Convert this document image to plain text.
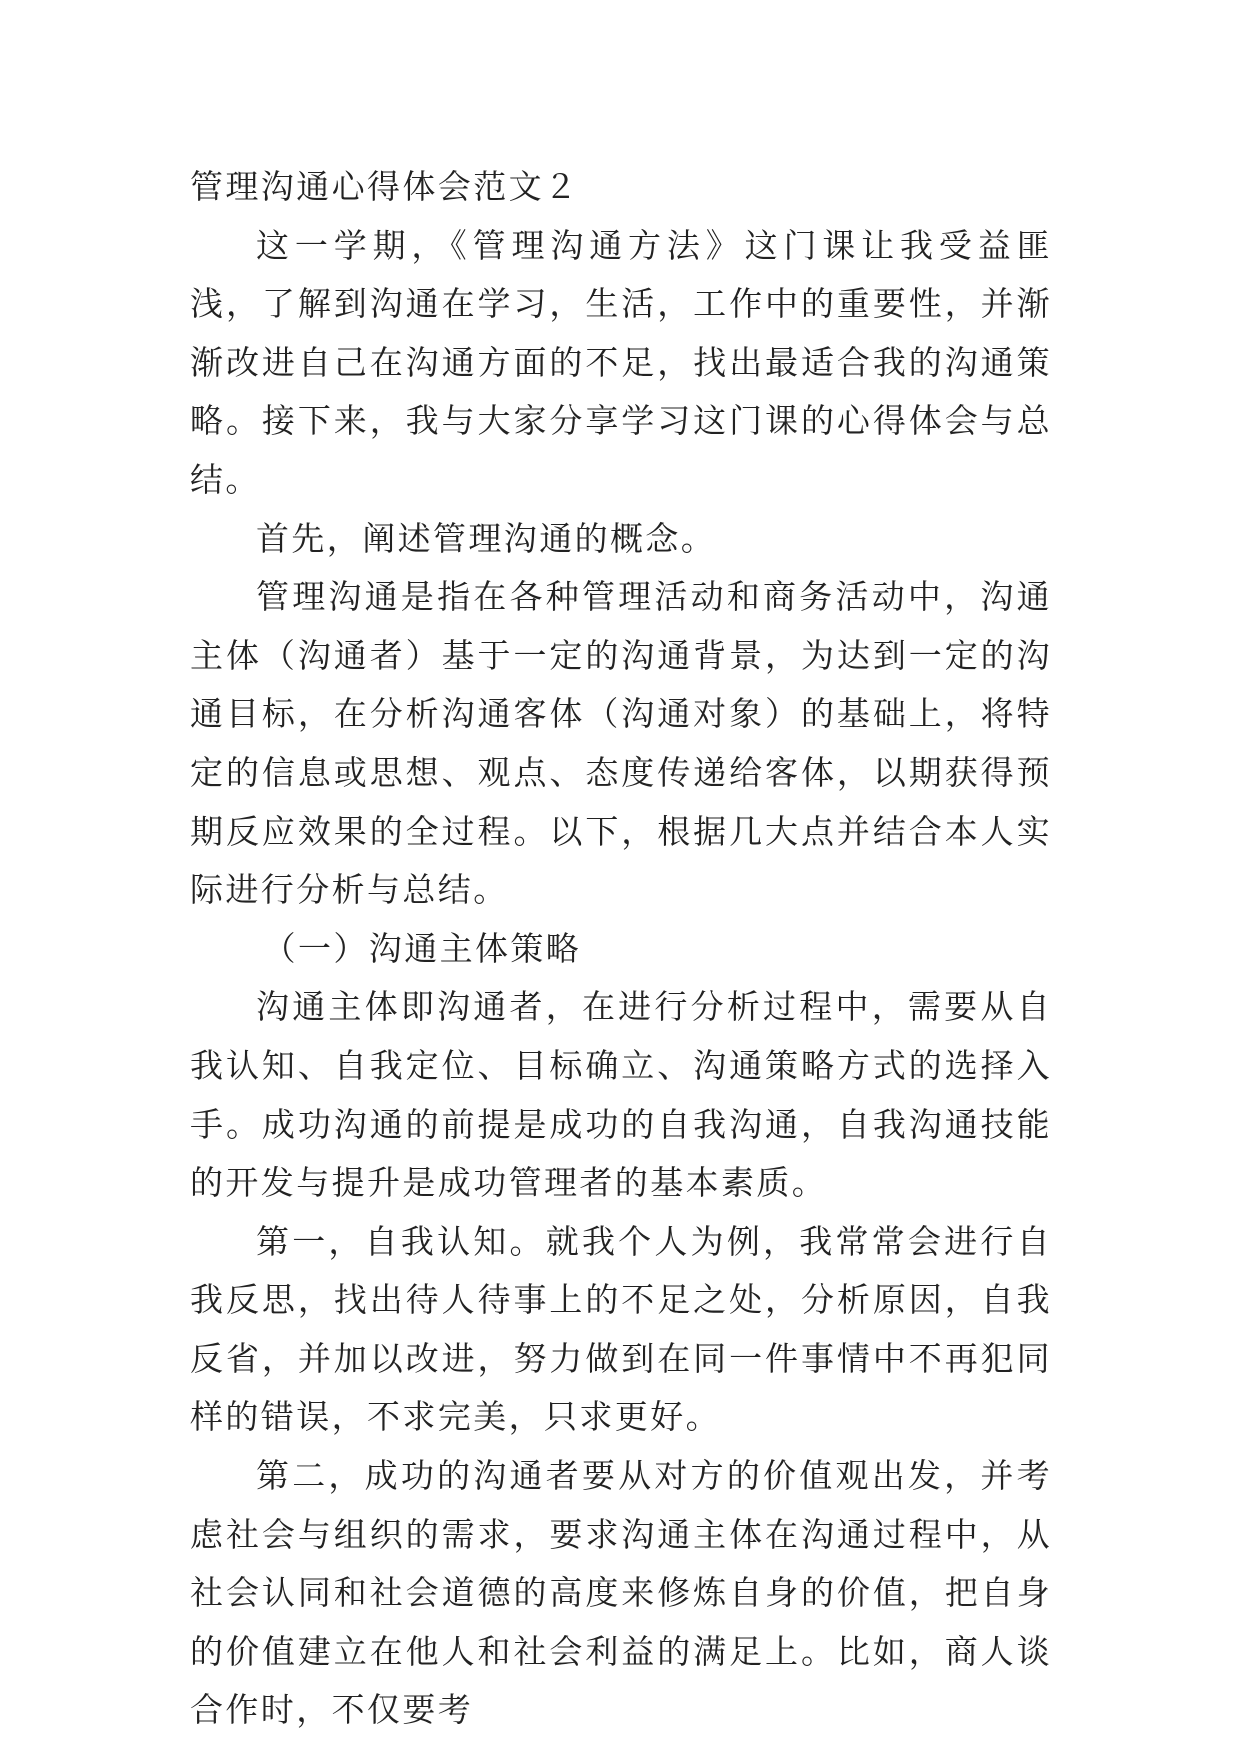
管理沟通心得体会范文２

这一学期，《管理沟通方法》这门课让我受益匪浅，了解到沟通在学习，生活，工作中的重要性，并渐渐改进自己在沟通方面的不足，找出最适合我的沟通策略。接下来，我与大家分享学习这门课的心得体会与总结。

首先，阐述管理沟通的概念。

管理沟通是指在各种管理活动和商务活动中，沟通主体（沟通者）基于一定的沟通背景，为达到一定的沟通目标，在分析沟通客体（沟通对象）的基础上，将特定的信息或思想、观点、态度传递给客体，以期获得预期反应效果的全过程。以下，根据几大点并结合本人实际进行分析与总结。

（一）沟通主体策略

沟通主体即沟通者，在进行分析过程中，需要从自我认知、自我定位、目标确立、沟通策略方式的选择入手。成功沟通的前提是成功的自我沟通，自我沟通技能的开发与提升是成功管理者的基本素质。

第一，自我认知。就我个人为例，我常常会进行自我反思，找出待人待事上的不足之处，分析原因，自我反省，并加以改进，努力做到在同一件事情中不再犯同样的错误，不求完美，只求更好。

第二，成功的沟通者要从对方的价值观出发，并考虑社会与组织的需求，要求沟通主体在沟通过程中，从社会认同和社会道德的高度来修炼自身的价值，把自身的价值建立在他人和社会利益的满足上。比如，商人谈合作时，不仅要考
